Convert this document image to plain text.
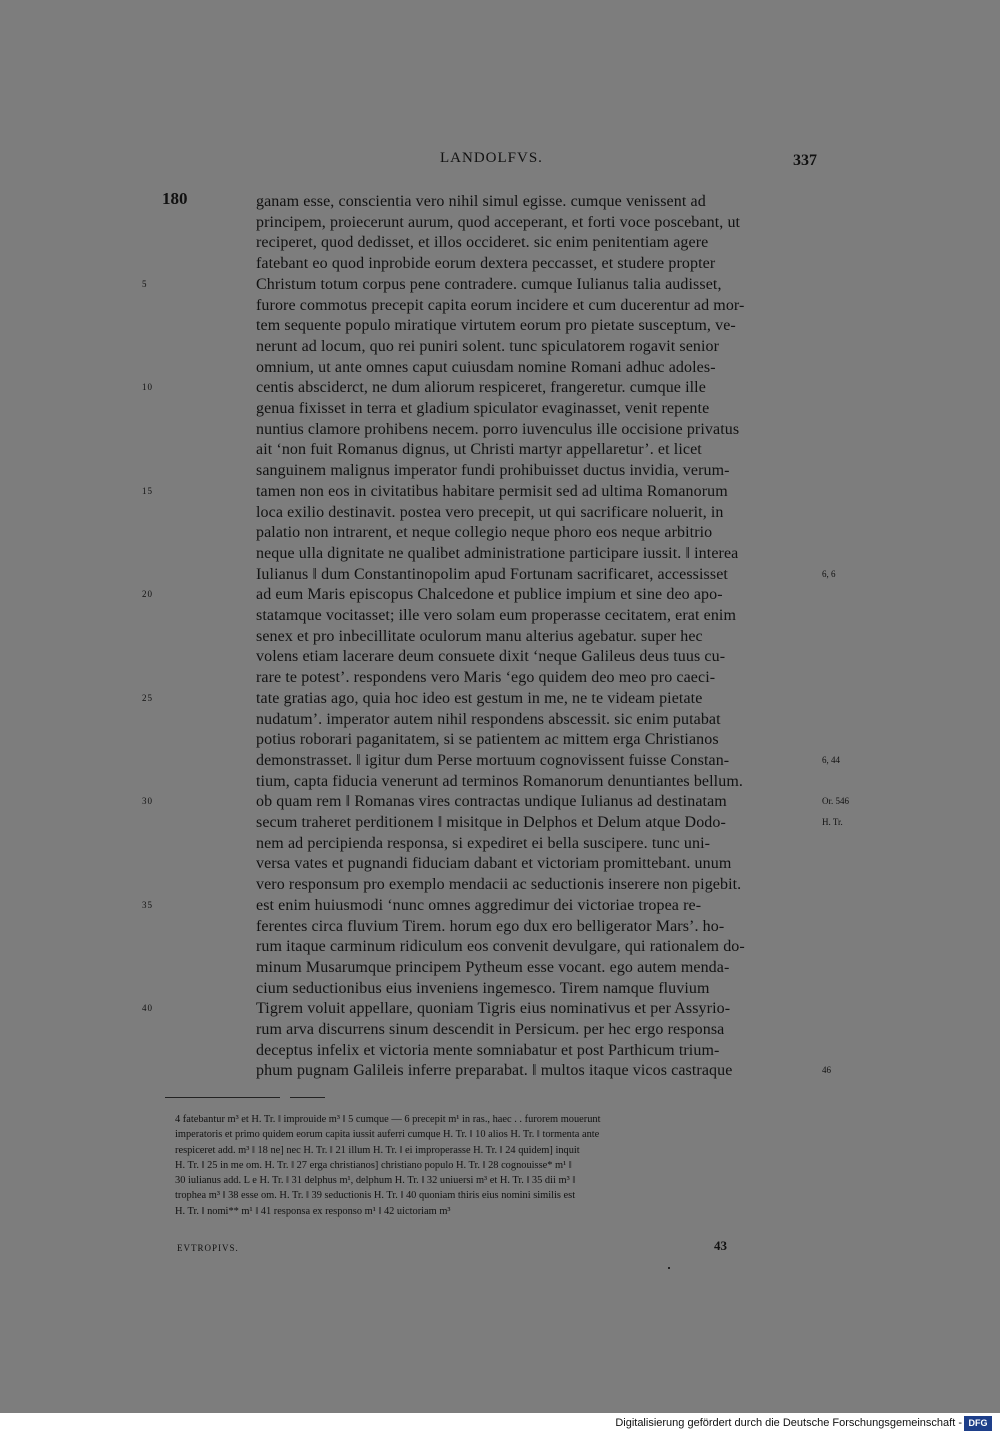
LANDOLFVS.	337
180	ganam esse, conscientia vero nihil simul egisse. cumque venissent ad
principem, proiecerunt aurum, quod acceperant, et forti voce poscebant, ut
reciperet, quod dedisset, et illos occideret. sic enim penitentiam agere
fatebant eo quod inprobide eorum dextera peccasset, et studere propter
Christum totum corpus pene contradere. cumque Iulianus talia audisset,
furore commotus precepit capita eorum incidere et cum ducerentur ad mor-
tem sequente populo miratique virtutem eorum pro pietate susceptum, ve-
nerunt ad locum, quo rei puniri solent. tunc spiculatorem rogavit senior
omnium, ut ante omnes caput cuiusdam nomine Romani adhuc adoles-
centis absciderct, ne dum aliorum respiceret, frangeretur. cumque ille
genua fixisset in terra et gladium spiculator evaginasset, venit repente
nuntius clamore prohibens necem. porro iuvenculus ille occisione privatus
ait ‘non fuit Romanus dignus, ut Christi martyr appellaretur’. et licet
sanguinem malignus imperator fundi prohibuisset ductus invidia, verum-
tamen non eos in civitatibus habitare permisit sed ad ultima Romanorum
loca exilio destinavit. postea vero precepit, ut qui sacrificare noluerit, in
palatio non intrarent, et neque collegio neque phoro eos neque arbitrio
neque ulla dignitate ne qualibet administratione participare iussit. ‖ interea
Iulianus ‖ dum Constantinopolim apud Fortunam sacrificaret, accessisset
ad eum Maris episcopus Chalcedone et publice impium et sine deo apo-
statamque vocitasset; ille vero solam eum properasse cecitatem, erat enim
senex et pro inbecillitate oculorum manu alterius agebatur. super hec
volens etiam lacerare deum consuete dixit ‘neque Galileus deus tuus cu-
rare te potest’. respondens vero Maris ‘ego quidem deo meo pro caeci-
tate gratias ago, quia hoc ideo est gestum in me, ne te videam pietate
nudatum’. imperator autem nihil respondens abscessit. sic enim putabat
potius roborari paganitatem, si se patientem ac mittem erga Christianos
demonstrasset. ‖ igitur dum Perse mortuum cognovissent fuisse Constan-
tium, capta fiducia venerunt ad terminos Romanorum denuntiantes bellum.
ob quam rem ‖ Romanas vires contractas undique Iulianus ad destinatam
secum traheret perditionem ‖ misitque in Delphos et Delum atque Dodo-
nem ad percipienda responsa, si expediret ei bella suscipere. tunc uni-
versa vates et pugnandi fiduciam dabant et victoriam promittebant. unum
vero responsum pro exemplo mendacii ac seductionis inserere non pigebit.
est enim huiusmodi ‘nunc omnes aggredimur dei victoriae tropea re-
ferentes circa fluvium Tirem. horum ego dux ero belligerator Mars’. ho-
rum itaque carminum ridiculum eos convenit devulgare, qui rationalem do-
minum Musarumque principem Pytheum esse vocant. ego autem menda-
cium seductionibus eius inveniens ingemesco. Tirem namque fluvium
Tigrem voluit appellare, quoniam Tigris eius nominativus et per Assyrio-
rum arva discurrens sinum descendit in Persicum. per hec ergo responsa
deceptus infelix et victoria mente somniabatur et post Parthicum trium-
phum pugnam Galileis inferre preparabat. ‖ multos itaque vicos castraque
5
10
15
20
25
30
35
40
6, 6
6, 44
Or. 546
H. Tr.
46
4 fatebantur m³ et H. Tr. ‖ improuide m³ ‖ 5 cumque — 6 precepit m¹ in ras., haec . . furorem mouerunt
imperatoris et primo quidem eorum capita iussit auferri cumque H. Tr. ‖ 10 alios H. Tr. ‖ tormenta ante
respiceret add. m³ ‖ 18 ne] nec H. Tr. ‖ 21 illum H. Tr. ‖ ei improperasse H. Tr. ‖ 24 quidem] inquit
H. Tr. ‖ 25 in me om. H. Tr. ‖ 27 erga christianos] christiano populo H. Tr. ‖ 28 cognouisse* m¹ ‖
30 iulianus add. L e H. Tr. ‖ 31 delphus m¹, delphum H. Tr. ‖ 32 uniuersi m³ et H. Tr. ‖ 35 dii m³ ‖
trophea m³ ‖ 38 esse om. H. Tr. ‖ 39 seductionis H. Tr. ‖ 40 quoniam thiris eius nomini similis est
H. Tr. ‖ nomi** m¹ ‖ 41 responsa ex responso m¹ ‖ 42 uictoriam m³
EVTROPIVS.	43
Digitalisierung gefördert durch die Deutsche Forschungsgemeinschaft - DFG
